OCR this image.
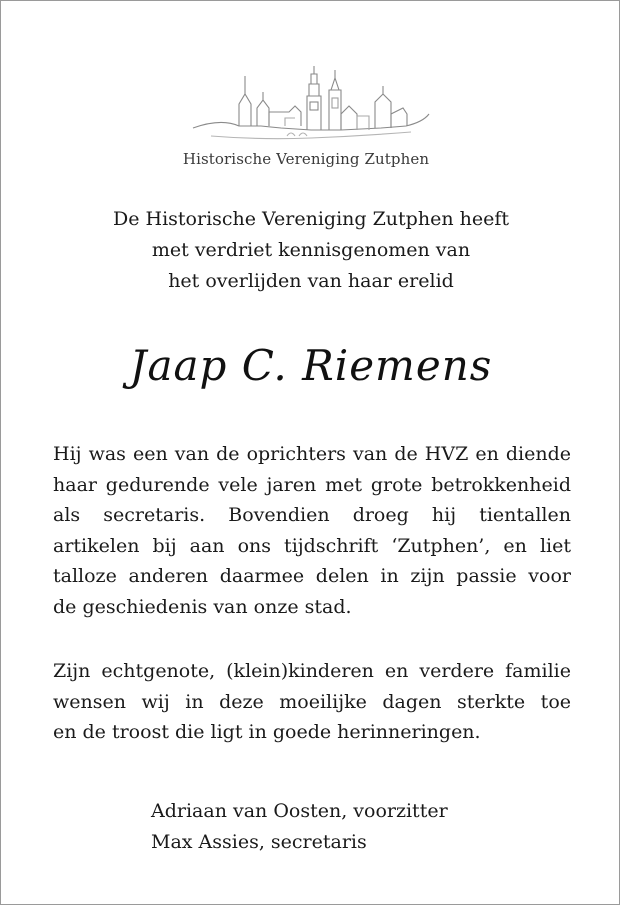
Historische Vereniging Zutphen
De Historische Vereniging Zutphen heeft
met verdriet kennisgenomen van
het overlijden van haar erelid
Jaap C. Riemens
Hij was een van de oprichters van de HVZ en diende
haar gedurende vele jaren met grote betrokkenheid
als secretaris. Bovendien droeg hij tientallen
artikelen bij aan ons tijdschrift ‘Zutphen’, en liet
talloze anderen daarmee delen in zijn passie voor
de geschiedenis van onze stad.
Zijn echtgenote, (klein)kinderen en verdere familie
wensen wij in deze moeilijke dagen sterkte toe
en de troost die ligt in goede herinneringen.
Adriaan van Oosten, voorzitter
Max Assies, secretaris
